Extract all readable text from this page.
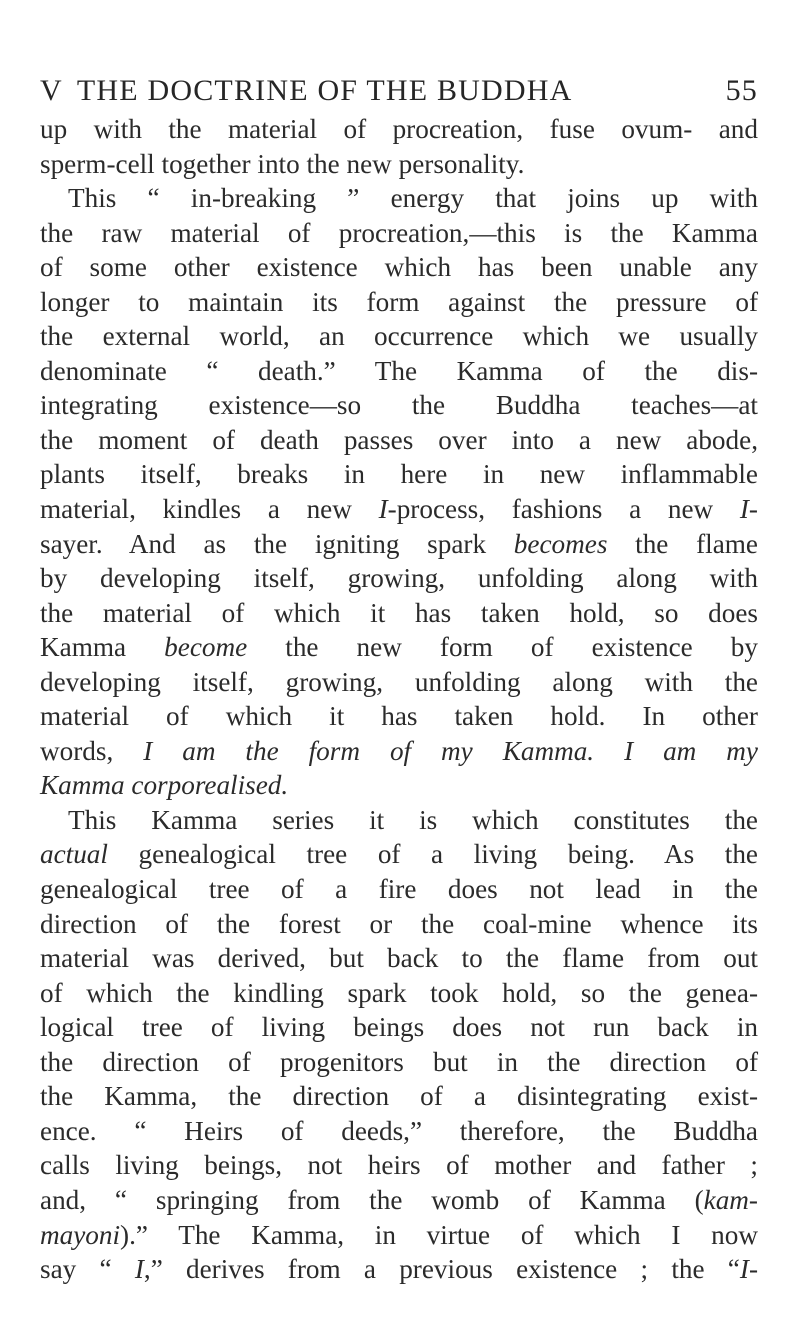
V THE DOCTRINE OF THE BUDDHA	55
up with the material of procreation, fuse ovum- and
sperm-cell together into the new personality.
This “ in-breaking ” energy that joins up with
the raw material of procreation,—this is the Kamma
of some other existence which has been unable any
longer to maintain its form against the pressure of
the external world, an occurrence which we usually
denominate “ death.” The Kamma of the dis-
integrating existence—so the Buddha teaches—at
the moment of death passes over into a new abode,
plants itself, breaks in here in new inflammable
material, kindles a new I-process, fashions a new I-
sayer. And as the igniting spark becomes the flame
by developing itself, growing, unfolding along with
the material of which it has taken hold, so does
Kamma become the new form of existence by
developing itself, growing, unfolding along with the
material of which it has taken hold. In other
words, I am the form of my Kamma. I am my
Kamma corporealised.
This Kamma series it is which constitutes the
actual genealogical tree of a living being. As the
genealogical tree of a fire does not lead in the
direction of the forest or the coal-mine whence its
material was derived, but back to the flame from out
of which the kindling spark took hold, so the genea-
logical tree of living beings does not run back in
the direction of progenitors but in the direction of
the Kamma, the direction of a disintegrating exist-
ence. “ Heirs of deeds,” therefore, the Buddha
calls living beings, not heirs of mother and father ;
and, “ springing from the womb of Kamma (kam-
mayoni).” The Kamma, in virtue of which I now
say “ I,” derives from a previous existence ; the “I-
